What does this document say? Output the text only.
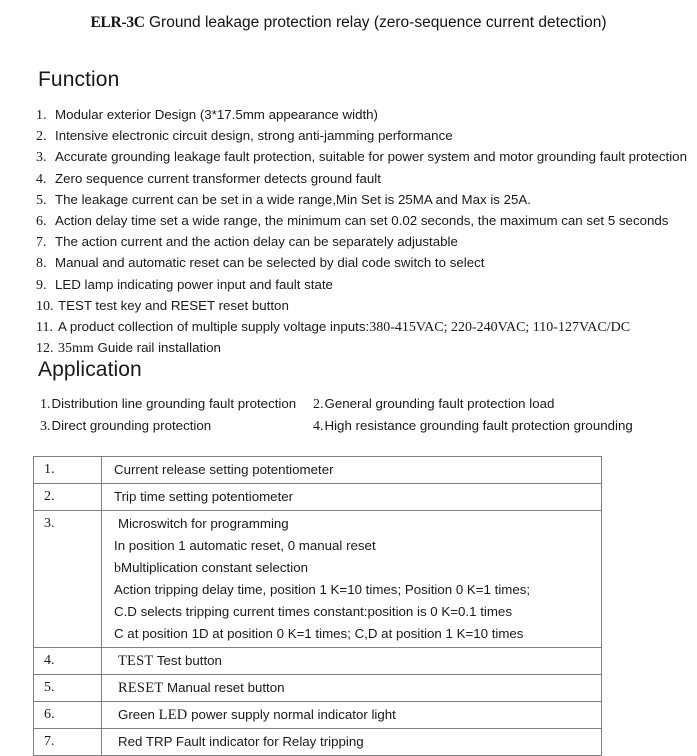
ELR-3C Ground leakage protection relay (zero-sequence current detection)
Function
1. Modular exterior Design (3*17.5mm appearance width)
2. Intensive electronic circuit design, strong anti-jamming performance
3. Accurate grounding leakage fault protection, suitable for power system and motor grounding fault protection
4. Zero sequence current transformer detects ground fault
5. The leakage current can be set in a wide range,Min Set is 25MA and Max is 25A.
6. Action delay time set a wide range, the minimum can set 0.02 seconds, the maximum can set 5 seconds
7. The action current and the action delay can be separately adjustable
8. Manual and automatic reset can be selected by dial code switch to select
9. LED lamp indicating power input and fault state
10. TEST test key and RESET reset button
11. A product collection of multiple supply voltage inputs:380-415VAC; 220-240VAC; 110-127VAC/DC
12. 35mm Guide rail installation
Application
1.Distribution line grounding fault protection	2.General grounding fault protection load
3.Direct grounding protection	4.High resistance grounding fault protection grounding
1.	Current release setting potentiometer

2.	Trip time setting potentiometer

3.	Microswitch for programming
In position 1 automatic reset, 0 manual reset
bMultiplication constant selection
Action tripping delay time, position 1 K=10 times; Position 0 K=1 times;
C.D selects tripping current times constant:position is 0 K=0.1 times
C at position 1D at position 0 K=1 times; C,D at position 1 K=10 times

4.	TEST Test button

5.	RESET Manual reset button

6.	Green LED power supply normal indicator light

7.	Red TRP Fault indicator for Relay tripping
